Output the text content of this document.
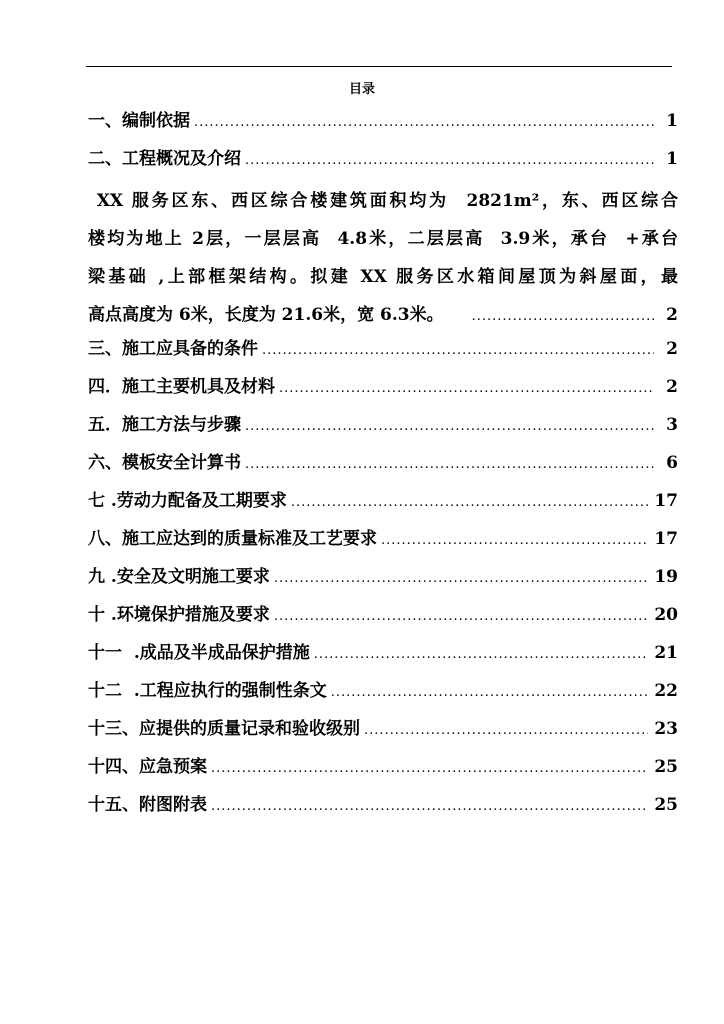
目录
一、编制依据 .....	1
二、工程概况及介绍 .....	1
XX 服务区东、西区综合楼建筑面积均为  2821m²，东、西区综合
楼均为地上 2层，一层层高  4.8米，二层层高  3.9米，承台  +承台
梁基础 ,上部框架结构。拟建 XX 服务区水箱间屋顶为斜屋面，最
高点高度为 6米，长度为 21.6米，宽 6.3米。 .....	2
三、施工应具备的条件 .....	2
四．施工主要机具及材料 .....	2
五．施工方法与步骤 .....	3
六、模板安全计算书 .....	6
七 .劳动力配备及工期要求 .....	17
八、施工应达到的质量标准及工艺要求 .....	17
九 .安全及文明施工要求 .....	19
十 .环境保护措施及要求 .....	20
十一  .成品及半成品保护措施 .....	21
十二  .工程应执行的强制性条文 .....	22
十三、应提供的质量记录和验收级别 .....	23
十四、应急预案 .....	25
十五、附图附表 .....	25
